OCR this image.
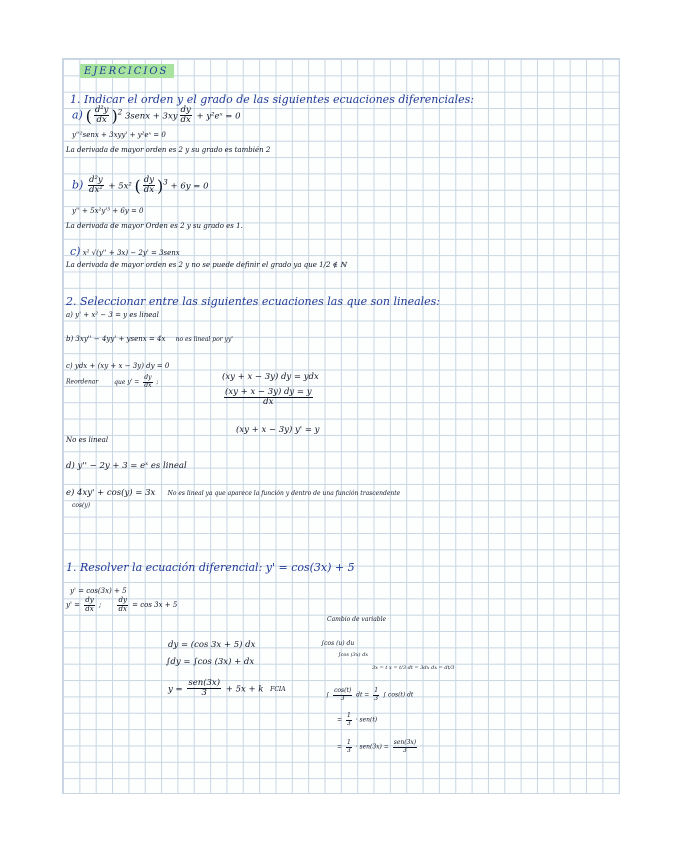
EJERCICIOS
1. Indicar el orden y el grado de las siguientes ecuaciones diferenciales:
a) ( $\frac{\text{d²y}}{dx} )^2$ 3senx + $3xy \frac{dy}{dx}$ + y²eˣ = 0
y''²senx + 3xyy' + y²eˣ = 0
La derivada de mayor orden es 2 y su grado es también 2
$b) \frac{\text{d²y}}{\text{dx²}} + 5x^2$ ( $\frac{dy}{dx} )^3 + 6y = 0$
y'' + 5x²y'³ + 6y = 0
La derivada de mayor Orden es 2 y su grado es 1.
c) x² √(y'' + 3x) − 2y' = 3senx
La derivada de mayor orden es 2 y no se puede definir el grado ya que 1/2 ∉ ℕ
2. Seleccionar entre las siguientes ecuaciones las que son lineales:
a) y' + x² − 3 = y es lineal
b) 3xy'' − 4yy' + ysenx = 4x no es lineal por yy'
c) ydx + (xy + x − 3y) dy = 0
Reordenar	que $y' = \frac{dy}{dx}$ ;
(xy + x − 3y) dy = ydx
$\frac{(xy + x - 3y) dy = y}{dx}$
(xy + x − 3y) y' = y
No es lineal
d) y'' − 2y + 3 = eˣ es lineal
e) 4xy' + cos(y) = 3x No es lineal ya que aparece la función y dentro de una función trascendente
cos(y)
1. Resolver la ecuación diferencial: y' = cos(3x) + 5
y' = cos(3x) + 5
$y' = \frac{dy}{dx}$ ; $\frac{dy}{dx} = \cos 3x + 5$
dy = (cos 3x + 5) dx
∫dy = ∫cos (3x) + dx
$y = \frac{\text{sen(3x)}}{3} + 5x + k$ FCIA
Cambio de variable
∫cos (u) du
∫cos (3x) dx
3x = t x = t/3 dt = 3dx dx = dt/3
∫ $\frac{\cos(t)}{3}$ dt = $\frac{1}{3}$ ∫ cos(t) dt
= $\frac{1}{3} \cdot sen(t)$
= $\frac{1}{3} \cdot sen(3x) = \frac{\text{sen(3x)}}{3}$
